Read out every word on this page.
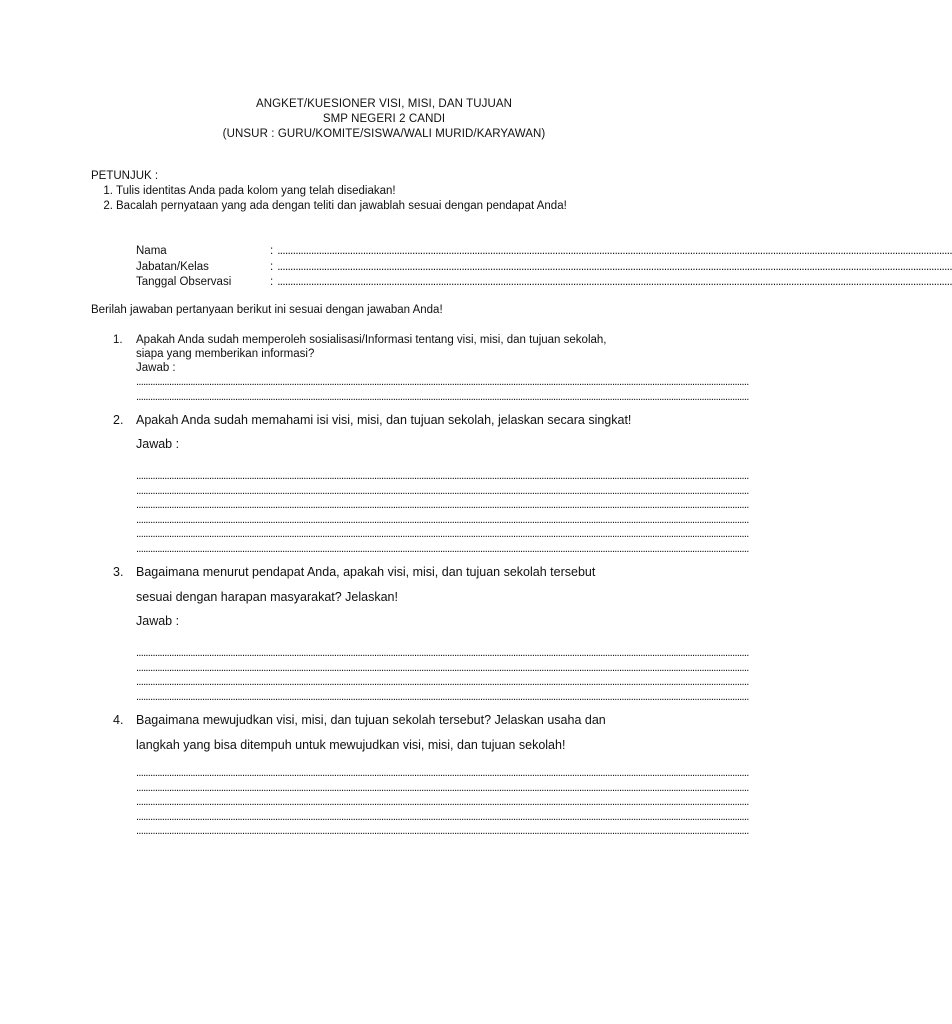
ANGKET/KUESIONER VISI, MISI, DAN TUJUAN
SMP NEGERI 2 CANDI
(UNSUR : GURU/KOMITE/SISWA/WALI MURID/KARYAWAN)
PETUNJUK :
1. Tulis identitas Anda pada kolom yang telah disediakan!
2. Bacalah pernyataan yang ada dengan teliti dan jawablah sesuai dengan pendapat Anda!
Nama	: ....................................................................................................................................................................................................................................................................
Jabatan/Kelas	: ....................................................................................................................................................................................................................................................................
Tanggal Observasi	: ....................................................................................................................................................................................................................................................................
Berilah jawaban pertanyaan berikut ini sesuai dengan jawaban Anda!
1. Apakah Anda sudah memperoleh sosialisasi/Informasi tentang visi, misi, dan tujuan sekolah,
siapa yang memberikan informasi?
Jawab :
....................................................................................................................................................................................................................................................................
....................................................................................................................................................................................................................................................................
2. Apakah Anda sudah memahami isi visi, misi, dan tujuan sekolah, jelaskan secara singkat!
Jawab :
....................................................................................................................................................................................................................................................................
....................................................................................................................................................................................................................................................................
....................................................................................................................................................................................................................................................................
....................................................................................................................................................................................................................................................................
....................................................................................................................................................................................................................................................................
....................................................................................................................................................................................................................................................................
3. Bagaimana menurut pendapat Anda, apakah visi, misi, dan tujuan sekolah tersebut
sesuai dengan harapan masyarakat? Jelaskan!
Jawab :
....................................................................................................................................................................................................................................................................
....................................................................................................................................................................................................................................................................
....................................................................................................................................................................................................................................................................
....................................................................................................................................................................................................................................................................
4. Bagaimana mewujudkan visi, misi, dan tujuan sekolah tersebut? Jelaskan usaha dan
langkah yang bisa ditempuh untuk mewujudkan visi, misi, dan tujuan sekolah!
....................................................................................................................................................................................................................................................................
....................................................................................................................................................................................................................................................................
....................................................................................................................................................................................................................................................................
....................................................................................................................................................................................................................................................................
....................................................................................................................................................................................................................................................................
